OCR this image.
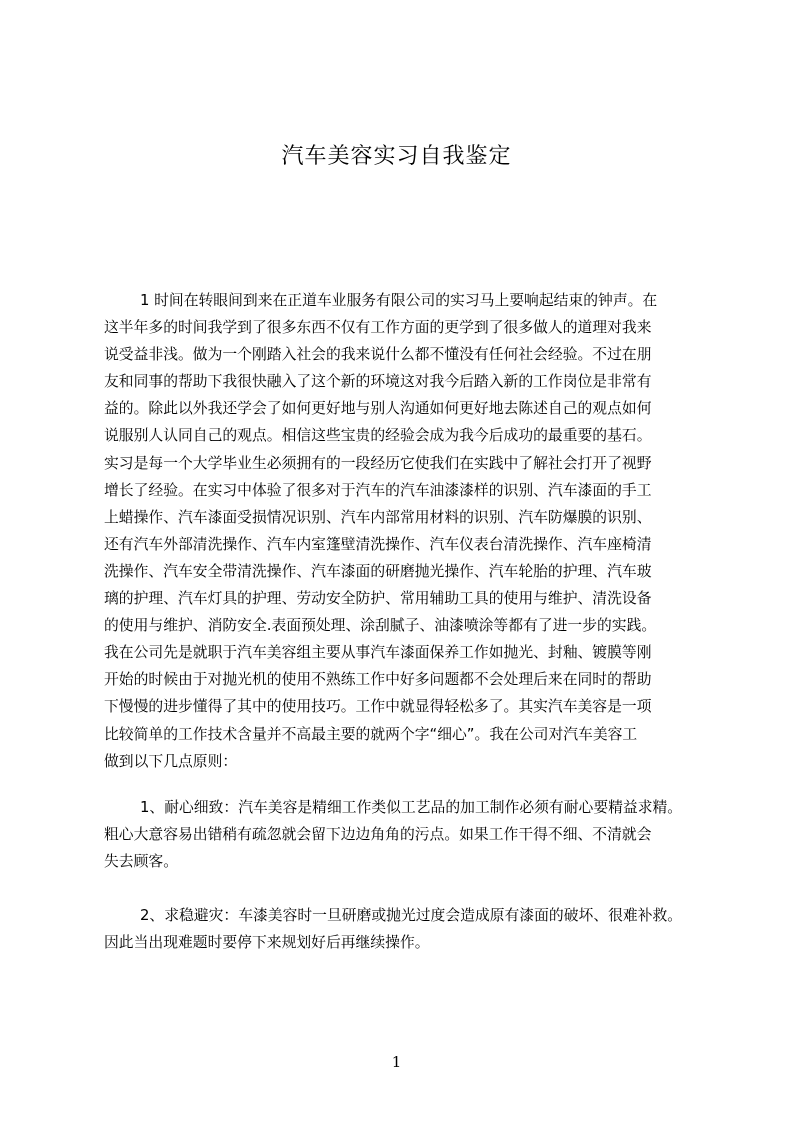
汽车美容实习自我鉴定
1 时间在转眼间到来在正道车业服务有限公司的实习马上要响起结束的钟声。在
这半年多的时间我学到了很多东西不仅有工作方面的更学到了很多做人的道理对我来
说受益非浅。做为一个刚踏入社会的我来说什么都不懂没有任何社会经验。不过在朋
友和同事的帮助下我很快融入了这个新的环境这对我今后踏入新的工作岗位是非常有
益的。除此以外我还学会了如何更好地与别人沟通如何更好地去陈述自己的观点如何
说服别人认同自己的观点。相信这些宝贵的经验会成为我今后成功的最重要的基石。
实习是每一个大学毕业生必须拥有的一段经历它使我们在实践中了解社会打开了视野
增长了经验。在实习中体验了很多对于汽车的汽车油漆漆样的识别、汽车漆面的手工
上蜡操作、汽车漆面受损情况识别、汽车内部常用材料的识别、汽车防爆膜的识别、
还有汽车外部清洗操作、汽车内室篷壁清洗操作、汽车仪表台清洗操作、汽车座椅清
洗操作、汽车安全带清洗操作、汽车漆面的研磨抛光操作、汽车轮胎的护理、汽车玻
璃的护理、汽车灯具的护理、劳动安全防护、常用辅助工具的使用与维护、清洗设备
的使用与维护、消防安全.表面预处理、涂刮腻子、油漆喷涂等都有了进一步的实践。
我在公司先是就职于汽车美容组主要从事汽车漆面保养工作如抛光、封釉、镀膜等刚
开始的时候由于对抛光机的使用不熟练工作中好多问题都不会处理后来在同时的帮助
下慢慢的进步懂得了其中的使用技巧。工作中就显得轻松多了。其实汽车美容是一项
比较简单的工作技术含量并不高最主要的就两个字“细心”。我在公司对汽车美容工
做到以下几点原则：
1、耐心细致：汽车美容是精细工作类似工艺品的加工制作必须有耐心要精益求精。
粗心大意容易出错稍有疏忽就会留下边边角角的污点。如果工作干得不细、不清就会
失去顾客。
2、求稳避灾：车漆美容时一旦研磨或抛光过度会造成原有漆面的破坏、很难补救。
因此当出现难题时要停下来规划好后再继续操作。
1
